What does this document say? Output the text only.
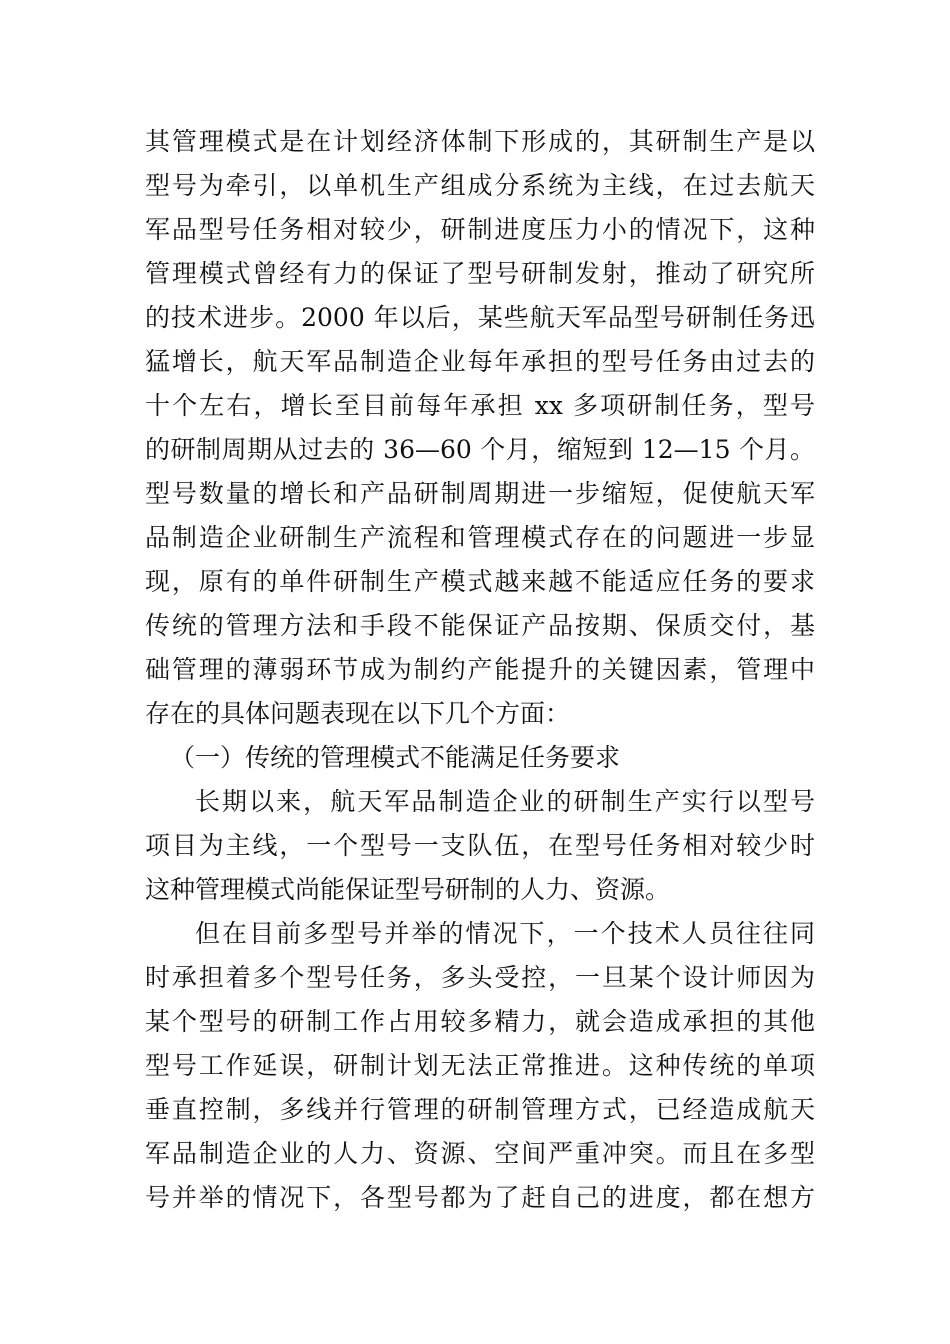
其管理模式是在计划经济体制下形成的，其研制生产是以
型号为牵引，以单机生产组成分系统为主线，在过去航天
军品型号任务相对较少，研制进度压力小的情况下，这种
管理模式曾经有力的保证了型号研制发射，推动了研究所
的技术进步。2000 年以后，某些航天军品型号研制任务迅
猛增长，航天军品制造企业每年承担的型号任务由过去的
十个左右，增长至目前每年承担 xx 多项研制任务，型号
的研制周期从过去的 36—60 个月，缩短到 12—15 个月。
型号数量的增长和产品研制周期进一步缩短，促使航天军
品制造企业研制生产流程和管理模式存在的问题进一步显
现，原有的单件研制生产模式越来越不能适应任务的要求
传统的管理方法和手段不能保证产品按期、保质交付，基
础管理的薄弱环节成为制约产能提升的关键因素，管理中
存在的具体问题表现在以下几个方面：
（一）传统的管理模式不能满足任务要求
长期以来，航天军品制造企业的研制生产实行以型号
项目为主线，一个型号一支队伍，在型号任务相对较少时
这种管理模式尚能保证型号研制的人力、资源。
但在目前多型号并举的情况下，一个技术人员往往同
时承担着多个型号任务，多头受控，一旦某个设计师因为
某个型号的研制工作占用较多精力，就会造成承担的其他
型号工作延误，研制计划无法正常推进。这种传统的单项
垂直控制，多线并行管理的研制管理方式，已经造成航天
军品制造企业的人力、资源、空间严重冲突。而且在多型
号并举的情况下，各型号都为了赶自己的进度，都在想方
